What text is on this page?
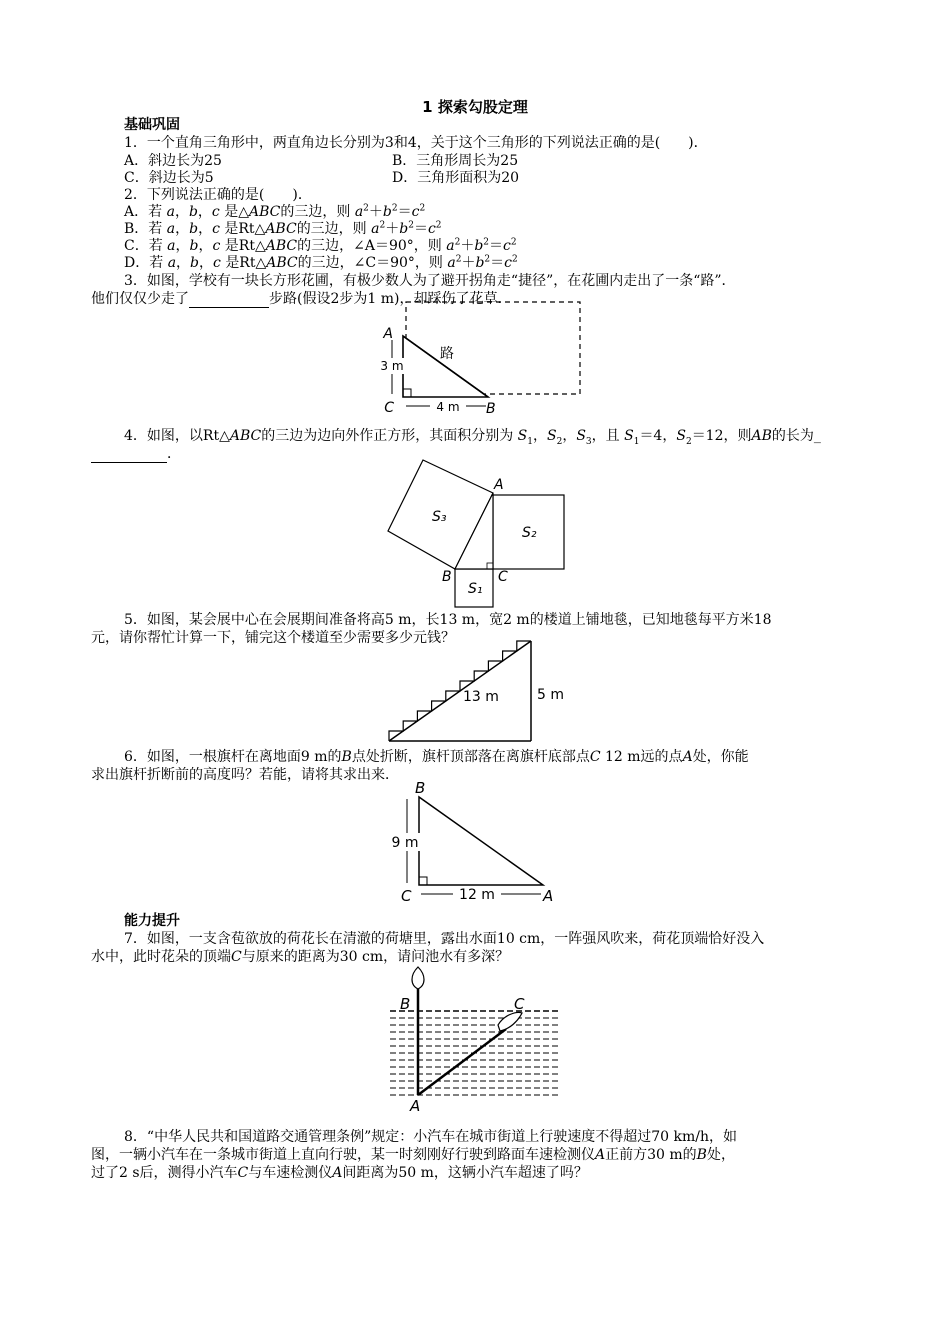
1 探索勾股定理
基础巩固
1．一个直角三角形中，两直角边长分别为3和4，关于这个三角形的下列说法正确的是(　　)．
A．斜边长为25	B．三角形周长为25
C．斜边长为5	D．三角形面积为20
2．下列说法正确的是(　　)．
A．若 a，b，c 是△ABC的三边，则 $a^2+b^2=c^2$
B．若 a，b，c 是Rt△ABC的三边，则 $a^2+b^2=c^2$
C．若 a，b，c 是Rt△ABC的三边，∠A＝90°，则 $a^2+b^2=c^2$
D．若 a，b，c 是Rt△ABC的三边，∠C＝90°，则 $a^2+b^2=c^2$
3．如图，学校有一块长方形花圃，有极少数人为了避开拐角走“捷径”，在花圃内走出了一条“路”．
他们仅仅少走了	步路(假设2步为1 m)，却踩伤了花草．
A
C	B
路
3 m
4 m
4．如图，以Rt△ABC的三边为边向外作正方形，其面积分别为 $S_1$，$S_2$，$S_3$，且 $S_1=4$，$S_2=12$，则AB的长为_
．
A
B	C
S₃
S₂
S₁
5．如图，某会展中心在会展期间准备将高5 m，长13 m，宽2 m的楼道上铺地毯，已知地毯每平方米18
元，请你帮忙计算一下，铺完这个楼道至少需要多少元钱？
13 m	5 m
6．如图，一根旗杆在离地面9 m的B点处折断，旗杆顶部落在离旗杆底部点C 12 m远的点A处，你能
求出旗杆折断前的高度吗？若能，请将其求出来．
9 m
12 m
B
C	A
能力提升
7．如图，一支含苞欲放的荷花长在清澈的荷塘里，露出水面10 cm，一阵强风吹来，荷花顶端恰好没入
水中，此时花朵的顶端C与原来的距离为30 cm，请问池水有多深？
B	C
A
8．“中华人民共和国道路交通管理条例”规定：小汽车在城市街道上行驶速度不得超过70 km/h，如
图，一辆小汽车在一条城市街道上直向行驶，某一时刻刚好行驶到路面车速检测仪A正前方30 m的B处，
过了2 s后，测得小汽车C与车速检测仪A间距离为50 m，这辆小汽车超速了吗？
